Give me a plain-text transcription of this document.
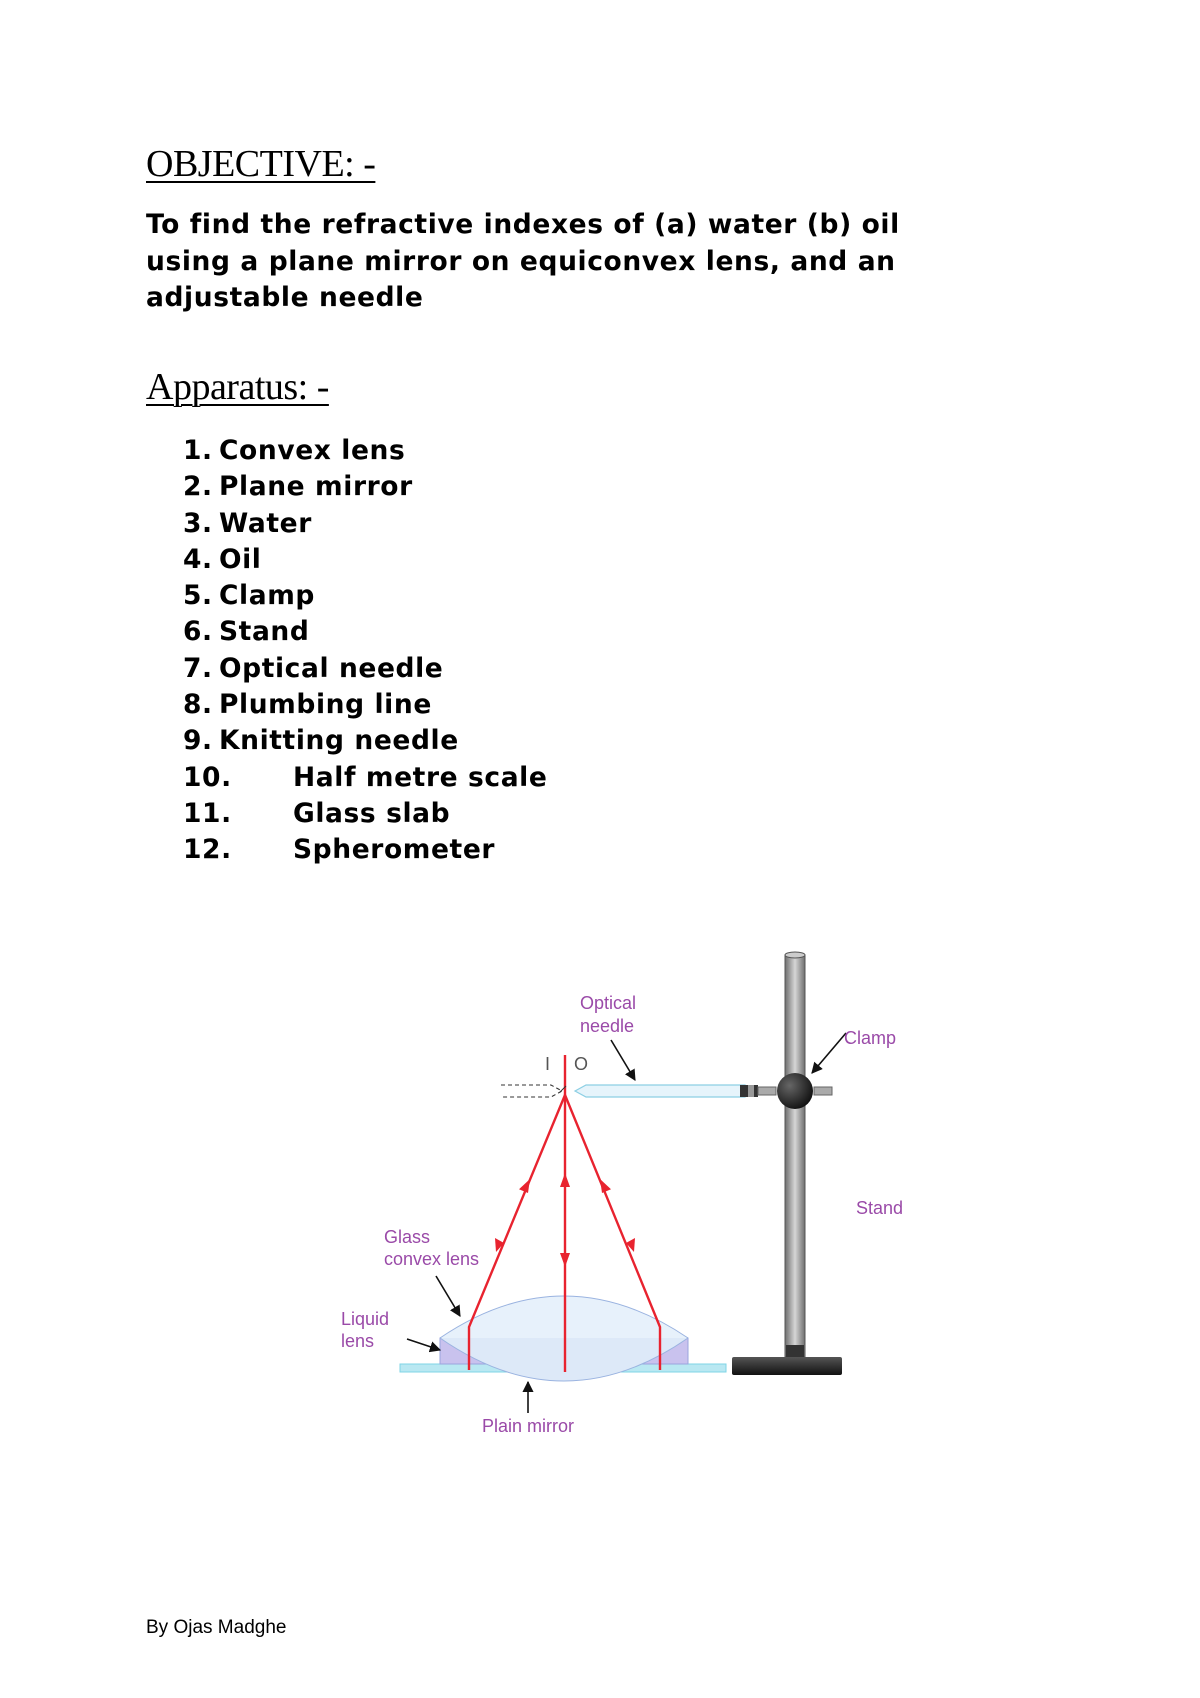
OBJECTIVE: -

To find the refractive indexes of (a) water (b) oil using a plane mirror on equiconvex lens, and an adjustable needle

Apparatus: -
1. Convex lens
2. Plane mirror
3. Water
4. Oil
5. Clamp
6. Stand
7. Optical needle
8. Plumbing line
9. Knitting needle
10. Half metre scale
11. Glass slab
12. Spherometer
Optical
needle
Clamp
Stand
Glass
convex lens
Liquid
lens
Plain mirror
I O
By Ojas Madghe
